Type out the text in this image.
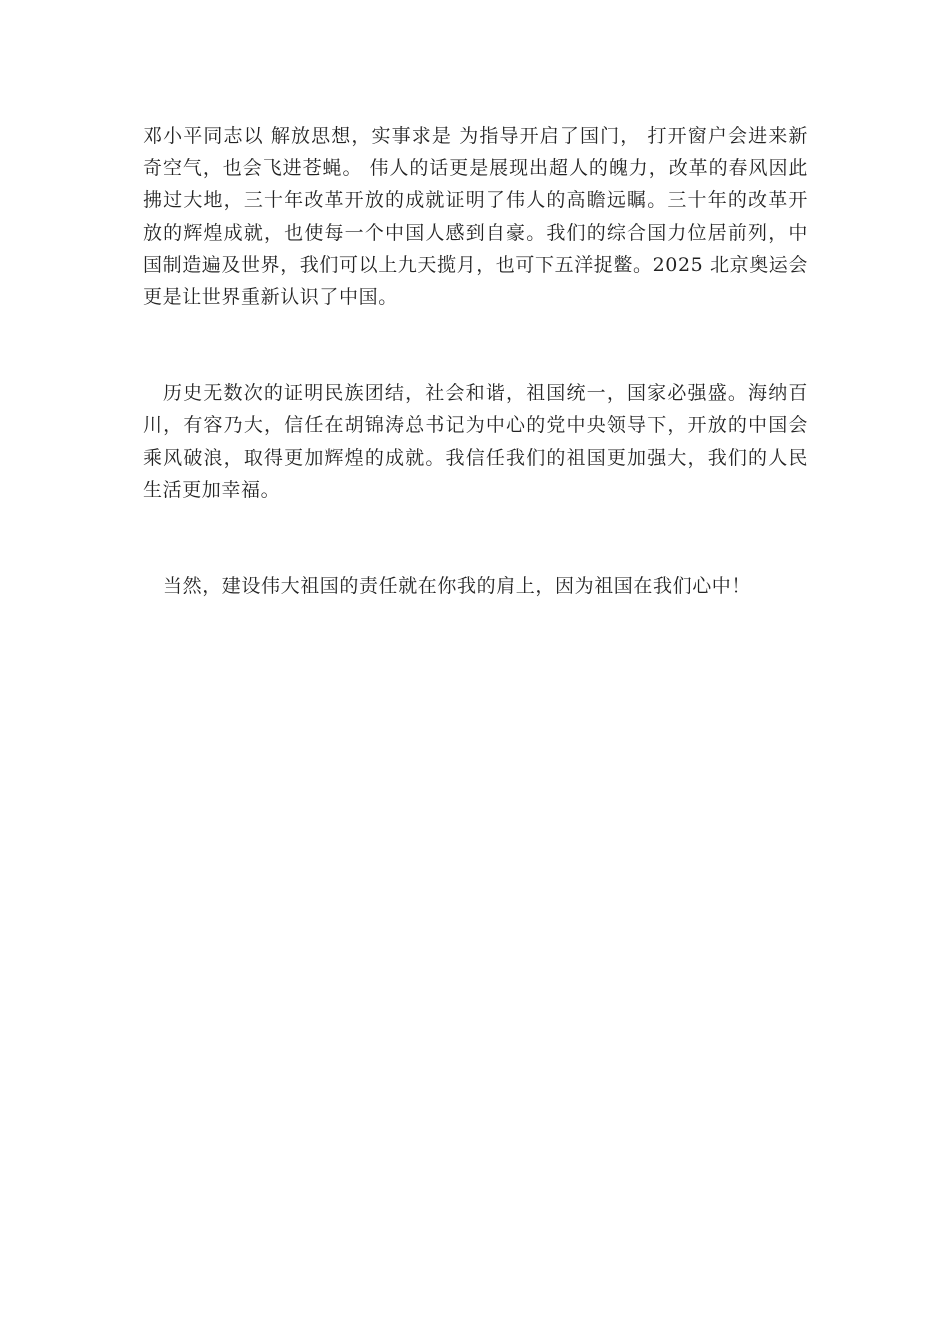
邓小平同志以 解放思想，实事求是 为指导开启了国门， 打开窗户会进来新奇空气，也会飞进苍蝇。 伟人的话更是展现出超人的魄力，改革的春风因此拂过大地，三十年改革开放的成就证明了伟人的高瞻远瞩。三十年的改革开放的辉煌成就，也使每一个中国人感到自豪。我们的综合国力位居前列，中国制造遍及世界，我们可以上九天揽月，也可下五洋捉鳖。2025 北京奥运会更是让世界重新认识了中国。

历史无数次的证明民族团结，社会和谐，祖国统一，国家必强盛。海纳百川，有容乃大，信任在胡锦涛总书记为中心的党中央领导下，开放的中国会乘风破浪，取得更加辉煌的成就。我信任我们的祖国更加强大，我们的人民生活更加幸福。

当然，建设伟大祖国的责任就在你我的肩上，因为祖国在我们心中！
